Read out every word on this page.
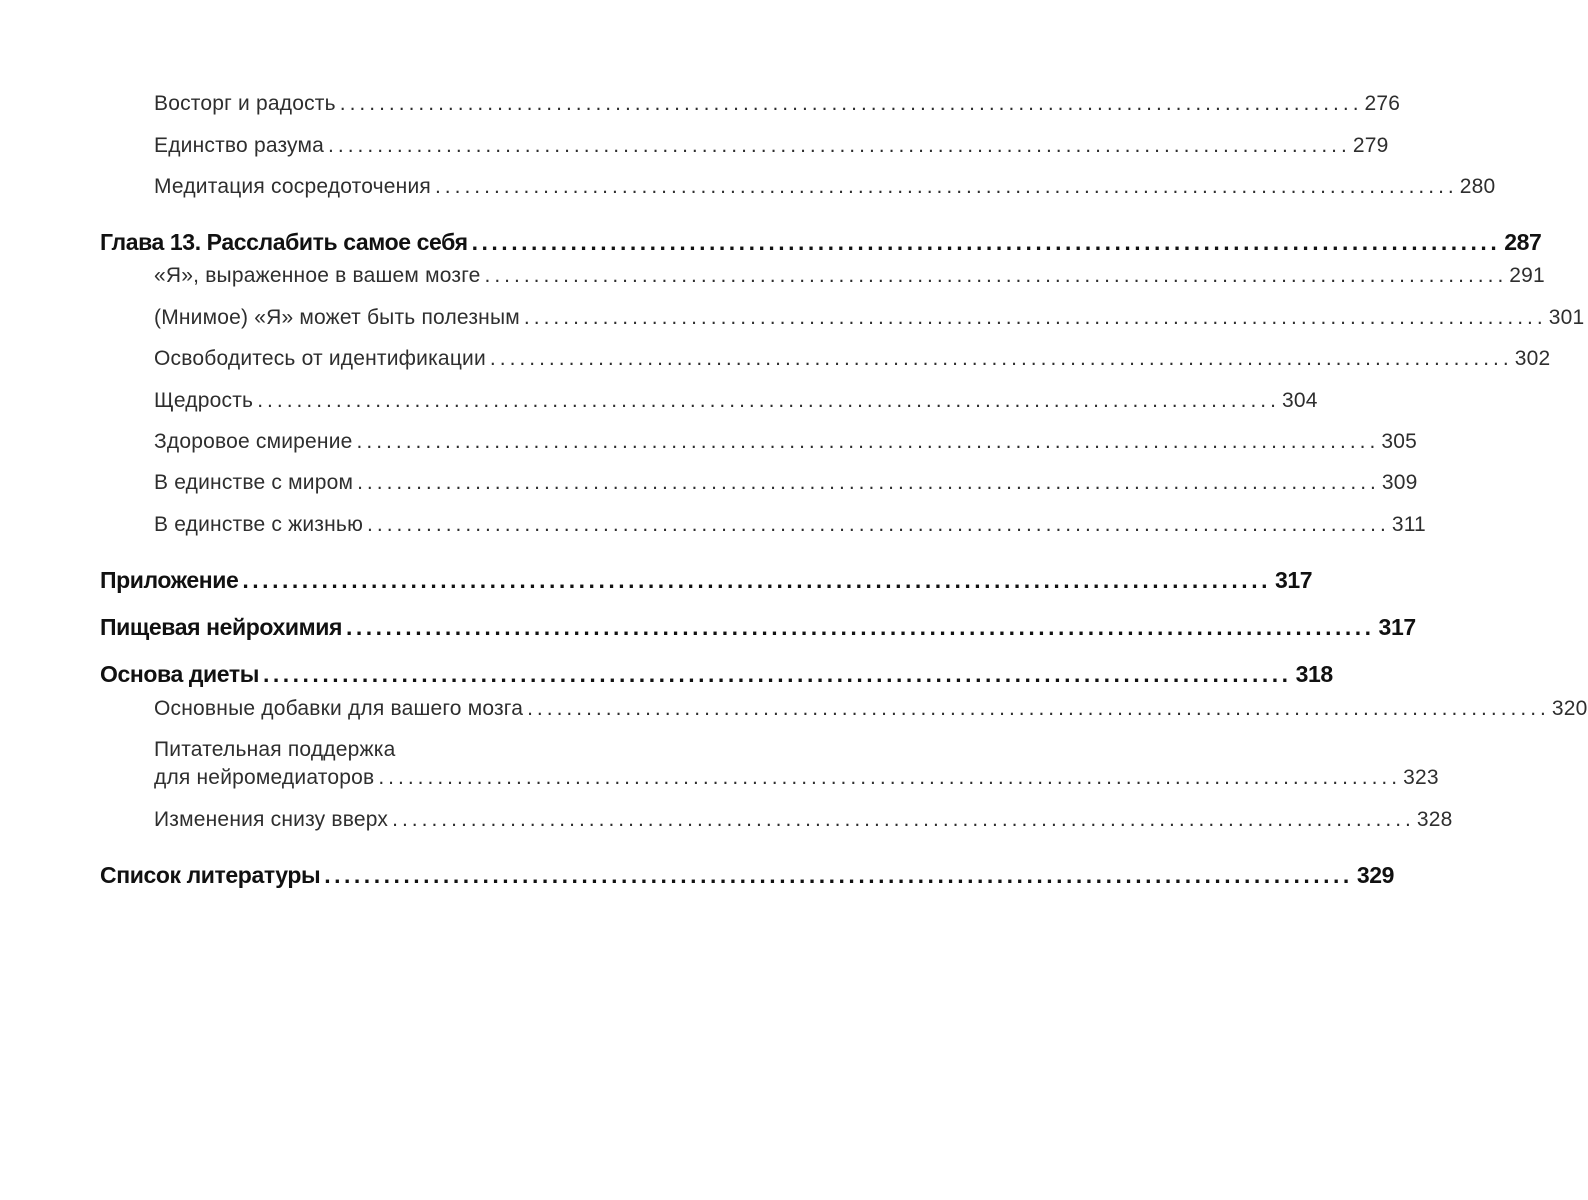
Восторг и радость ........................................................................................................ 276
Единство разума ........................................................................................................ 279
Медитация сосредоточения ........................................................................................................ 280
Глава 13. Расслабить самое себя ........................................................................................................ 287
«Я», выраженное в вашем мозге ........................................................................................................ 291
(Мнимое) «Я» может быть полезным ........................................................................................................ 301
Освободитесь от идентификации ........................................................................................................ 302
Щедрость ........................................................................................................ 304
Здоровое смирение ........................................................................................................ 305
В единстве с миром ........................................................................................................ 309
В единстве с жизнью ........................................................................................................ 311
Приложение ........................................................................................................ 317
Пищевая нейрохимия ........................................................................................................ 317
Основа диеты ........................................................................................................ 318
Основные добавки для вашего мозга ........................................................................................................ 320
Питательная поддержка
для нейромедиаторов ........................................................................................................ 323
Изменения снизу вверх ........................................................................................................ 328
Список литературы ........................................................................................................ 329
